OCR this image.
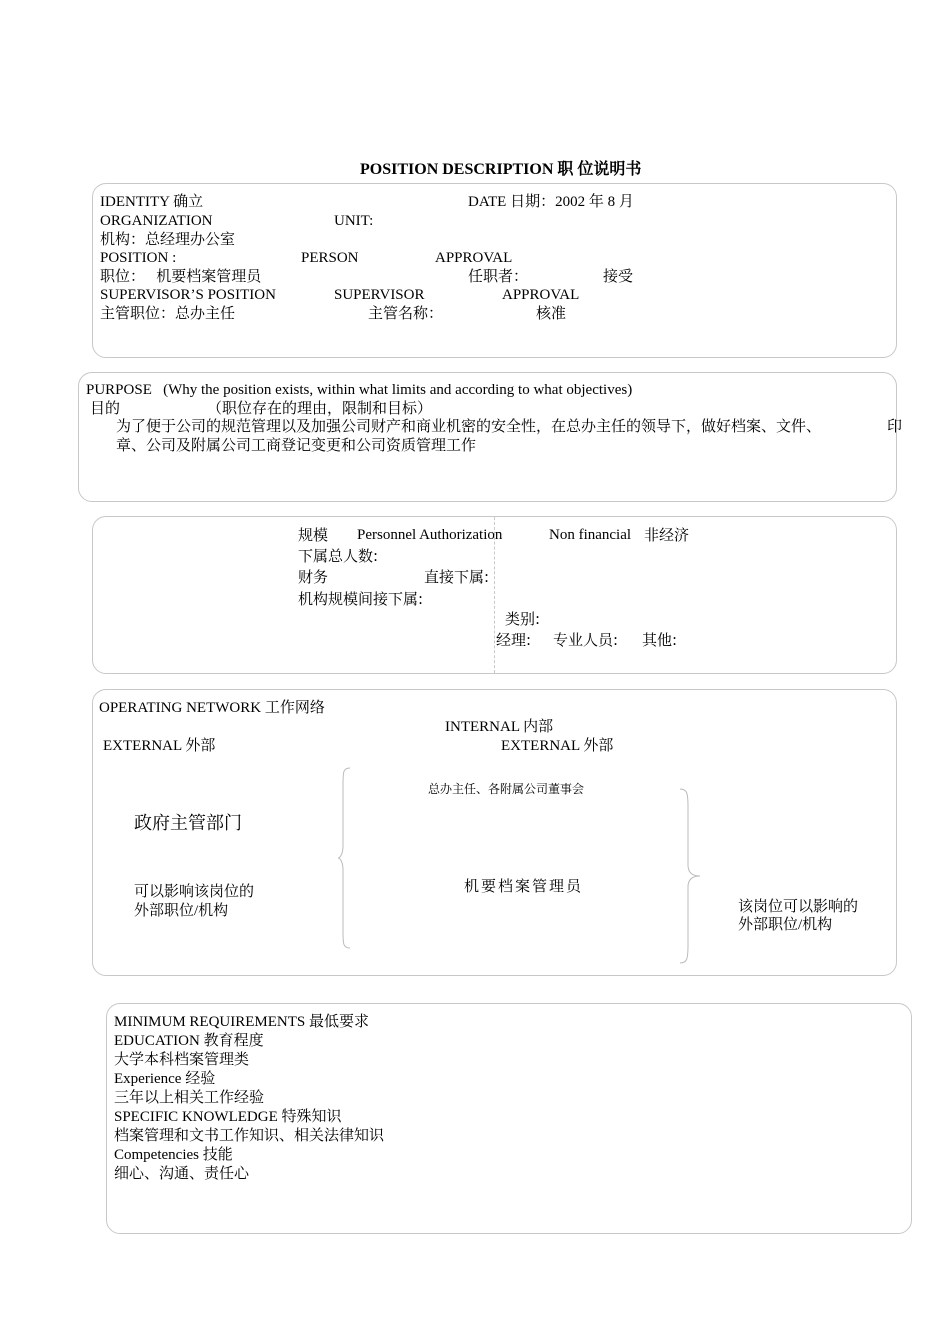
POSITION DESCRIPTION 职 位说明书
IDENTITY 确立	DATE 日期：2002 年 8 月
ORGANIZATION	UNIT:
机构：总经理办公室
POSITION :	PERSON	APPROVAL
职位：   机要档案管理员	任职者：	接受
SUPERVISOR’S POSITION	SUPERVISOR	APPROVAL
主管职位：总办主任	主管名称：	核准
PURPOSE   (Why the position exists, within what limits and according to what objectives)
目的	（职位存在的理由，限制和目标）
为了便于公司的规范管理以及加强公司财产和商业机密的安全性，在总办主任的领导下，做好档案、文件、	印
章、公司及附属公司工商登记变更和公司资质管理工作
规模 Personnel Authorization	Non financial 非经济
下属总人数:
财务	直接下属:
机构规模间接下属:
类别:
经理: 专业人员: 其他:
OPERATING NETWORK 工作网络
INTERNAL 内部
EXTERNAL 外部	EXTERNAL 外部
政府主管部门
可以影响该岗位的
外部职位/机构
总办主任、各附属公司董事会
机要档案管理员
该岗位可以影响的
外部职位/机构
MINIMUM REQUIREMENTS 最低要求
EDUCATION 教育程度
大学本科档案管理类
Experience 经验
三年以上相关工作经验
SPECIFIC KNOWLEDGE 特殊知识
档案管理和文书工作知识、相关法律知识
Competencies 技能
细心、沟通、责任心
